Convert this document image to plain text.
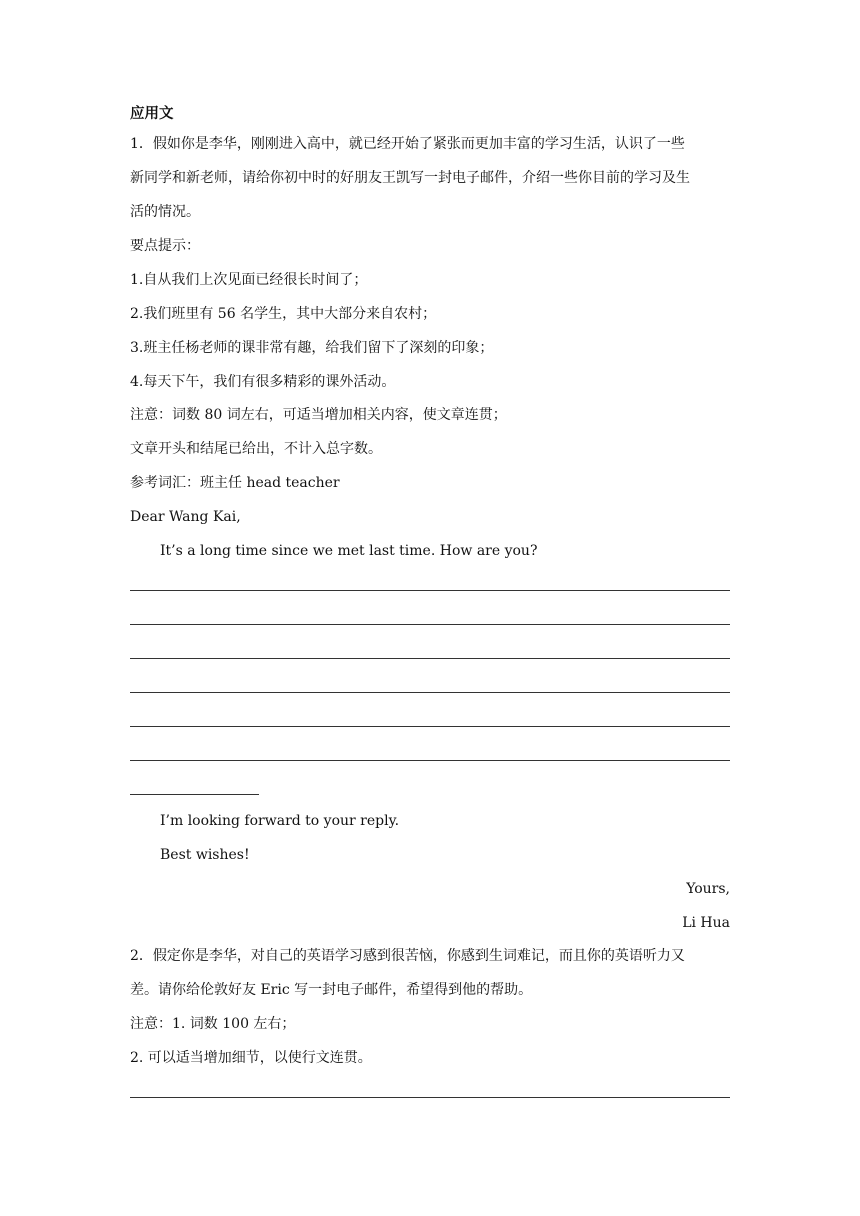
应用文
1．假如你是李华，刚刚进入高中，就已经开始了紧张而更加丰富的学习生活，认识了一些
新同学和新老师，请给你初中时的好朋友王凯写一封电子邮件，介绍一些你目前的学习及生
活的情况。
要点提示：
1.自从我们上次见面已经很长时间了；
2.我们班里有 56 名学生，其中大部分来自农村；
3.班主任杨老师的课非常有趣，给我们留下了深刻的印象；
4.每天下午，我们有很多精彩的课外活动。
注意：词数 80 词左右，可适当增加相关内容，使文章连贯；
文章开头和结尾已给出，不计入总字数。
参考词汇：班主任 head teacher
Dear Wang Kai,
It’s a long time since we met last time. How are you?
I’m looking forward to your reply.
Best wishes!
Yours,
Li Hua
2．假定你是李华，对自己的英语学习感到很苦恼，你感到生词难记，而且你的英语听力又
差。请你给伦敦好友 Eric 写一封电子邮件，希望得到他的帮助。
注意：1. 词数 100 左右；
2. 可以适当增加细节，以使行文连贯。
